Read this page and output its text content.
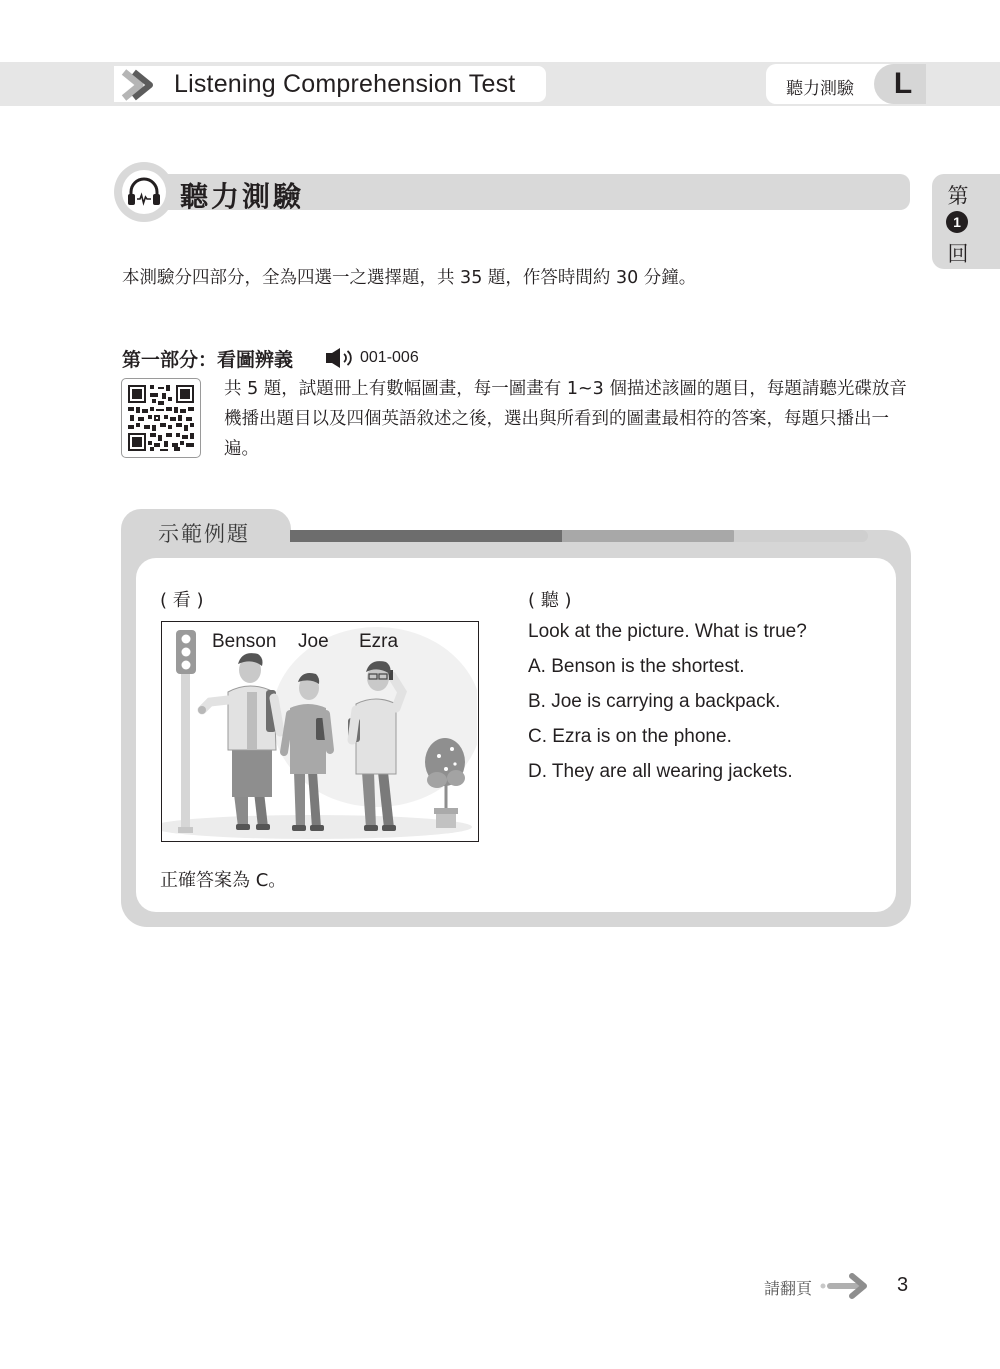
Listening Comprehension Test	聽力測驗	L
第
1
回
聽力測驗
本測驗分四部分，全為四選一之選擇題，共 35 題，作答時間約 30 分鐘。
第一部分：看圖辨義	001-006
共 5 題，試題冊上有數幅圖畫，每一圖畫有 1~3 個描述該圖的題目，每題請聽光碟放音機播出題目以及四個英語敘述之後，選出與所看到的圖畫最相符的答案，每題只播出一遍。
示範例題
( 看 )	( 聽 )
Benson Joe Ezra	Look at the picture. What is true?
A. Benson is the shortest.
B. Joe is carrying a backpack.
C. Ezra is on the phone.
D. They are all wearing jackets.
正確答案為 C。
請翻頁	3
